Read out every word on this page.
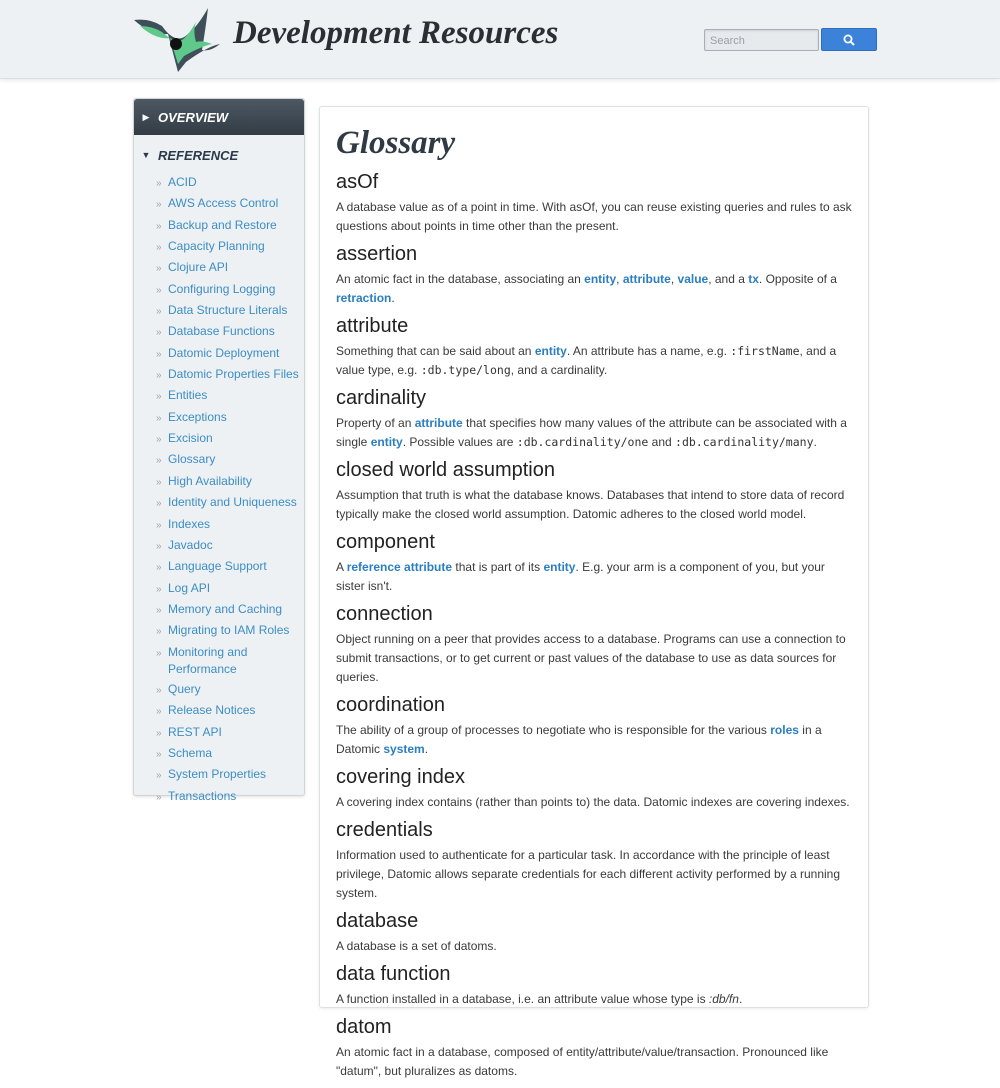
Development Resources
Search
▶ OVERVIEW
▼ REFERENCE
» ACID
» AWS Access Control
» Backup and Restore
» Capacity Planning
» Clojure API
» Configuring Logging
» Data Structure Literals
» Database Functions
» Datomic Deployment
» Datomic Properties Files
» Entities
» Exceptions
» Excision
» Glossary
» High Availability
» Identity and Uniqueness
» Indexes
» Javadoc
» Language Support
» Log API
» Memory and Caching
» Migrating to IAM Roles
» Monitoring and Performance
» Query
» Release Notices
» REST API
» Schema
» System Properties
» Transactions
Glossary
asOf

A database value as of a point in time. With asOf, you can reuse existing queries and rules to ask questions about points in time other than the present.

assertion

An atomic fact in the database, associating an entity, attribute, value, and a tx. Opposite of a retraction.

attribute

Something that can be said about an entity. An attribute has a name, e.g. :firstName, and a value type, e.g. :db.type/long, and a cardinality.

cardinality

Property of an attribute that specifies how many values of the attribute can be associated with a single entity. Possible values are :db.cardinality/one and :db.cardinality/many.

closed world assumption

Assumption that truth is what the database knows. Databases that intend to store data of record typically make the closed world assumption. Datomic adheres to the closed world model.

component

A reference attribute that is part of its entity. E.g. your arm is a component of you, but your sister isn't.

connection

Object running on a peer that provides access to a database. Programs can use a connection to submit transactions, or to get current or past values of the database to use as data sources for queries.

coordination

The ability of a group of processes to negotiate who is responsible for the various roles in a Datomic system.

covering index

A covering index contains (rather than points to) the data. Datomic indexes are covering indexes.

credentials

Information used to authenticate for a particular task. In accordance with the principle of least privilege, Datomic allows separate credentials for each different activity performed by a running system.

database

A database is a set of datoms.

data function

A function installed in a database, i.e. an attribute value whose type is :db/fn.

datom

An atomic fact in a database, composed of entity/attribute/value/transaction. Pronounced like "datum", but pluralizes as datoms.
